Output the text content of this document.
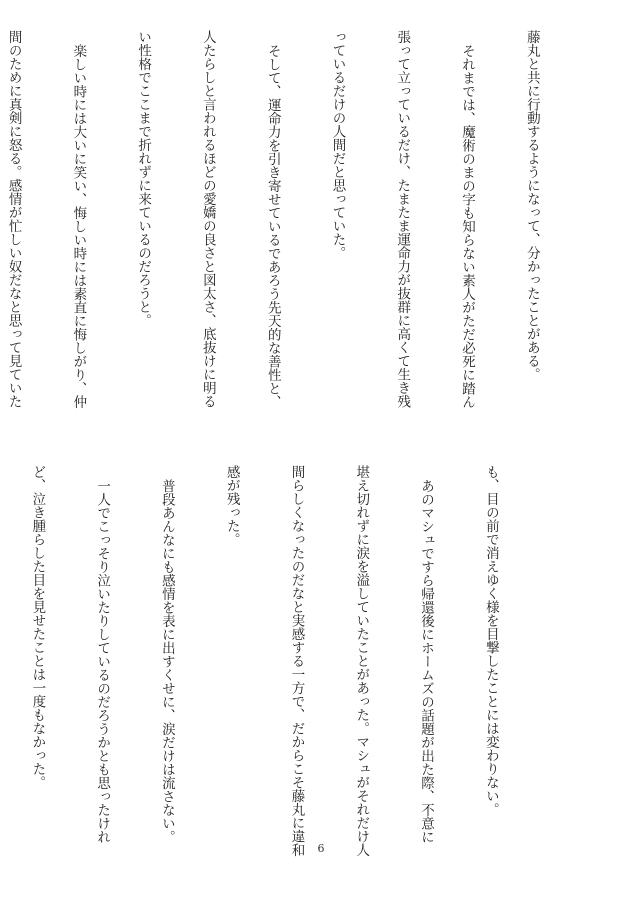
藤丸と共に行動するようになって、分かったことがある。

それまでは、魔術のまの字も知らない素人がただ必死に踏ん

張って立っているだけ、たまたま運命力が抜群に高くて生き残

っているだけの人間だと思っていた。

そして、運命力を引き寄せているであろう先天的な善性と、

人たらしと言われるほどの愛嬌の良さと図太さ、底抜けに明る

い性格でここまで折れずに来ているのだろうと。

楽しい時には大いに笑い、悔しい時には素直に悔しがり、仲

間のために真剣に怒る。感情が忙しい奴だなと思って見ていた

も、目の前で消えゆく様を目撃したことには変わりない。

あのマシュですら帰還後にホームズの話題が出た際、不意に

堪え切れずに涙を溢していたことがあった。マシュがそれだけ人

間らしくなったのだなと実感する一方で、だからこそ藤丸に違和

感が残った。

普段あんなにも感情を表に出すくせに、涙だけは流さない。

一人でこっそり泣いたりしているのだろうかとも思ったけれ

ど、泣き腫らした目を見せたことは一度もなかった。

6
